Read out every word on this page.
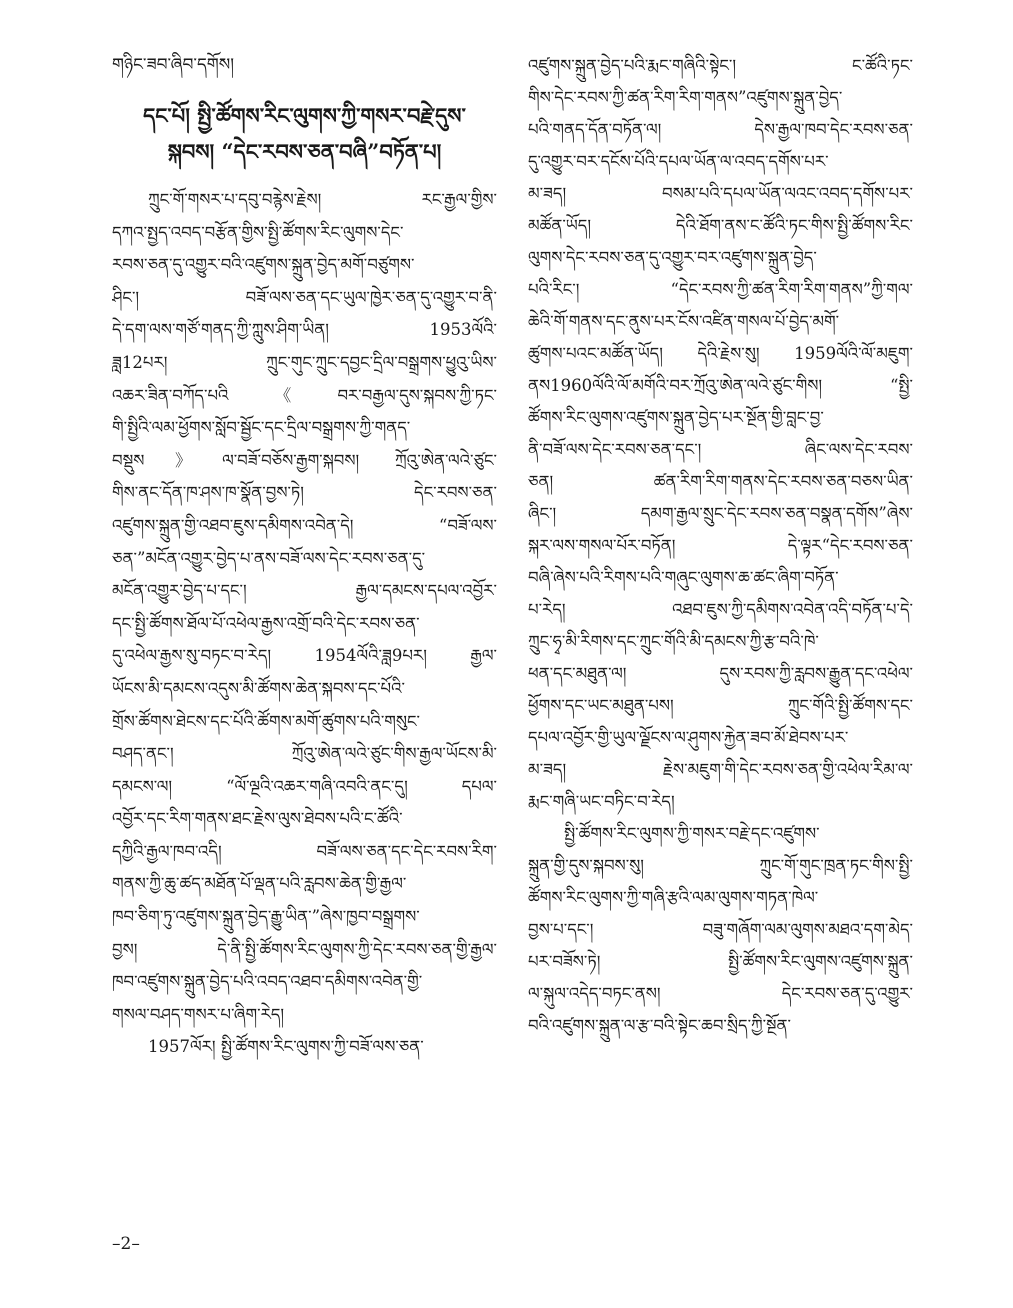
གཉིང་ཟབ་ཞིབ་དགོས།
དང་པོ། སྤྱི་ཚོགས་རིང་ལུགས་ཀྱི་གསར་བརྗེ་དུས་
སྐབས། “དེང་རབས་ཅན་བཞི”བཏོན་པ།
ཀྲུང་གོ་གསར་པ་དབུ་བརྙེས་རྗེས། རང་རྒྱལ་གྱིས་
དཀའ་སྤྱད་འབད་བརྩོན་གྱིས་སྤྱི་ཚོགས་རིང་ལུགས་དེང་
རབས་ཅན་དུ་འགྱུར་བའི་འཛུགས་སྐྲུན་བྱེད་མགོ་བཙུགས་
ཤིང་། བཟོ་ལས་ཅན་དང་ཡུལ་ཁྱེར་ཅན་དུ་འགྱུར་བ་ནི་
དེ་དག་ལས་གཙོ་གནད་ཀྱི་ཀླུས་ཤིག་ཡིན། 1953ལོའི་
ཟླ12པར། ཀྲུང་གུང་ཀྲུང་དབྱང་དྲིལ་བསྒྲགས་ཕྱུའུ་ཡིས་
འཆར་ཟིན་བཀོད་པའི《བར་བརྒྱལ་དུས་སྐབས་ཀྱི་ཏང་
གི་སྤྱིའི་ལམ་ཕྱོགས་སློབ་སྦྱོང་དང་དྲིལ་བསྒྲགས་ཀྱི་གནད་
བསྡུས》ལ་བཟོ་བཅོས་རྒྱག་སྐབས། ཀྲོའུ་ཨེན་ལའེ་ཙུང་
གིས་ནང་དོན་ཁ་ཤས་ཁ་སྣོན་བྱས་ཏེ། དེང་རབས་ཅན་
འཛུགས་སྐྲུན་གྱི་འཐབ་ཇུས་དམིགས་འབེན་དེ། “བཟོ་ལས་
ཅན་”མངོན་འགྱུར་བྱེད་པ་ནས་བཟོ་ལས་དེང་རབས་ཅན་དུ་
མངོན་འགྱུར་བྱེད་པ་དང་། རྒྱལ་དམངས་དཔལ་འབྱོར་
དང་སྤྱི་ཚོགས་ཐོལ་པོ་འཕེལ་རྒྱས་འགྲོ་བའི་དེང་རབས་ཅན་
དུ་འཕེལ་རྒྱས་སུ་བཏང་བ་རེད། 1954ལོའི་ཟླ9པར། རྒྱལ་
ཡོངས་མི་དམངས་འདུས་མི་ཚོགས་ཆེན་སྐབས་དང་པོའི་
གྲོས་ཚོགས་ཐེངས་དང་པོའི་ཚོགས་མགོ་ཚུགས་པའི་གསུང་
བཤད་ནང་། ཀྲོའུ་ཨེན་ལའེ་ཙུང་གིས་རྒྱལ་ཡོངས་མི་
དམངས་ལ། “ལོ་ལྔའི་འཆར་གཞི་འབའི་ནང་དུ། དཔལ་
འབྱོར་དང་རིག་གནས་ཐང་རྗེས་ལུས་ཐེབས་པའི་ང་ཚོའི་
དཀྱིའི་རྒྱལ་ཁབ་འདི། བཟོ་ལས་ཅན་དང་དེང་རབས་རིག་
གནས་ཀྱི་ཆུ་ཚད་མཐོན་པོ་ལྡན་པའི་རླབས་ཆེན་གྱི་རྒྱལ་
ཁབ་ཅིག་ཏུ་འཛུགས་སྐྲུན་བྱེད་རྒྱུ་ཡིན་”ཞེས་ཁྱབ་བསྒྲགས་
བྱས། དེ་ནི་སྤྱི་ཚོགས་རིང་ལུགས་ཀྱི་དེང་རབས་ཅན་གྱི་རྒྱལ་
ཁབ་འཛུགས་སྐྲུན་བྱེད་པའི་འབད་འཐབ་དམིགས་འབེན་གྱི་
གསལ་བཤད་གསར་པ་ཞིག་རེད།
1957ལོར། སྤྱི་ཚོགས་རིང་ལུགས་ཀྱི་བཟོ་ལས་ཅན་
འཛུགས་སྐྲུན་བྱེད་པའི་རྨང་གཞིའི་སྟེང་། ང་ཚོའི་ཏང་
གིས་དེང་རབས་ཀྱི་ཚན་རིག་རིག་གནས”འཛུགས་སྐྲུན་བྱེད་
པའི་གནད་དོན་བཏོན་ལ། དེས་རྒྱལ་ཁབ་དེང་རབས་ཅན་
དུ་འགྱུར་བར་དངོས་པོའི་དཔལ་ཡོན་ལ་འབད་དགོས་པར་
མ་ཟད། བསམ་པའི་དཔལ་ཡོན་ལའང་འབད་དགོས་པར་
མཚོན་ཡོད། དེའི་ཐོག་ནས་ང་ཚོའི་ཏང་གིས་སྤྱི་ཚོགས་རིང་
ལུགས་དེང་རབས་ཅན་དུ་འགྱུར་བར་འཛུགས་སྐྲུན་བྱེད་
པའི་རིང་། “དེང་རབས་ཀྱི་ཚན་རིག་རིག་གནས”ཀྱི་གལ་
ཆེའི་གོ་གནས་དང་ནུས་པར་ངོས་འཛིན་གསལ་པོ་བྱེད་མགོ་
ཚུགས་པའང་མཚོན་ཡོད། དེའི་རྗེས་སུ། 1959ལོའི་ལོ་མཇུག་
ནས1960ལོའི་ལོ་མགོའི་བར་ཀྲོའུ་ཨེན་ལའེ་ཙུང་གིས། “སྤྱི་
ཚོགས་རིང་ལུགས་འཛུགས་སྐྲུན་བྱེད་པར་སྔོན་གྱི་བླང་བྱ་
ནི་བཟོ་ལས་དེང་རབས་ཅན་དང་། ཞིང་ལས་དེང་རབས་
ཅན། ཚན་རིག་རིག་གནས་དེང་རབས་ཅན་བཅས་ཡིན་
ཞིང་། དམག་རྒྱལ་སྲུང་དེང་རབས་ཅན་བསྣན་དགོས”ཞེས་
སྐར་ལས་གསལ་པོར་བཏོན། དེ་ལྟར“དེང་རབས་ཅན་
བཞི་ཞེས་པའི་རིགས་པའི་གཞུང་ལུགས་ཆ་ཚང་ཞིག་བཏོན་
པ་རེད། འཐབ་ཇུས་ཀྱི་དམིགས་འབེན་འདི་བཏོན་པ་དེ་
ཀྲུང་ཧྭ་མི་རིགས་དང་ཀྲུང་གོའི་མི་དམངས་ཀྱི་རྩ་བའི་ཁེ་
ཕན་དང་མཐུན་ལ། དུས་རབས་ཀྱི་རླབས་རྒྱུན་དང་འཕེལ་
ཕྱོགས་དང་ཡང་མཐུན་པས། ཀྲུང་གོའི་སྤྱི་ཚོགས་དང་
དཔལ་འབྱོར་གྱི་ཡུལ་ལྗོངས་ལ་ཤུགས་རྐྱེན་ཟབ་མོ་ཐེབས་པར་
མ་ཟད། རྗེས་མཇུག་གི་དེང་རབས་ཅན་གྱི་འཕེལ་རིམ་ལ་
རྨང་གཞི་ཡང་བཏིང་བ་རེད།
སྤྱི་ཚོགས་རིང་ལུགས་ཀྱི་གསར་བརྗེ་དང་འཛུགས་
སྐྲུན་གྱི་དུས་སྐབས་སུ། ཀྲུང་གོ་གུང་ཁྲན་ཏང་གིས་སྤྱི་
ཚོགས་རིང་ལུགས་ཀྱི་གཞི་རྩའི་ལམ་ལུགས་གཏན་ཁེལ་
བྱས་པ་དང་། བཟུ་གཞོག་ལམ་ལུགས་མཐའ་དག་མེད་
པར་བཟོས་ཏེ། སྤྱི་ཚོགས་རིང་ལུགས་འཛུགས་སྐྲུན་
ལ་སྐུལ་འདེད་བཏང་ནས། དེང་རབས་ཅན་དུ་འགྱུར་
བའི་འཛུགས་སྐྲུན་ལ་རྩ་བའི་སྟེང་ཆབ་སྲིད་ཀྱི་སྔོན་
–2–
